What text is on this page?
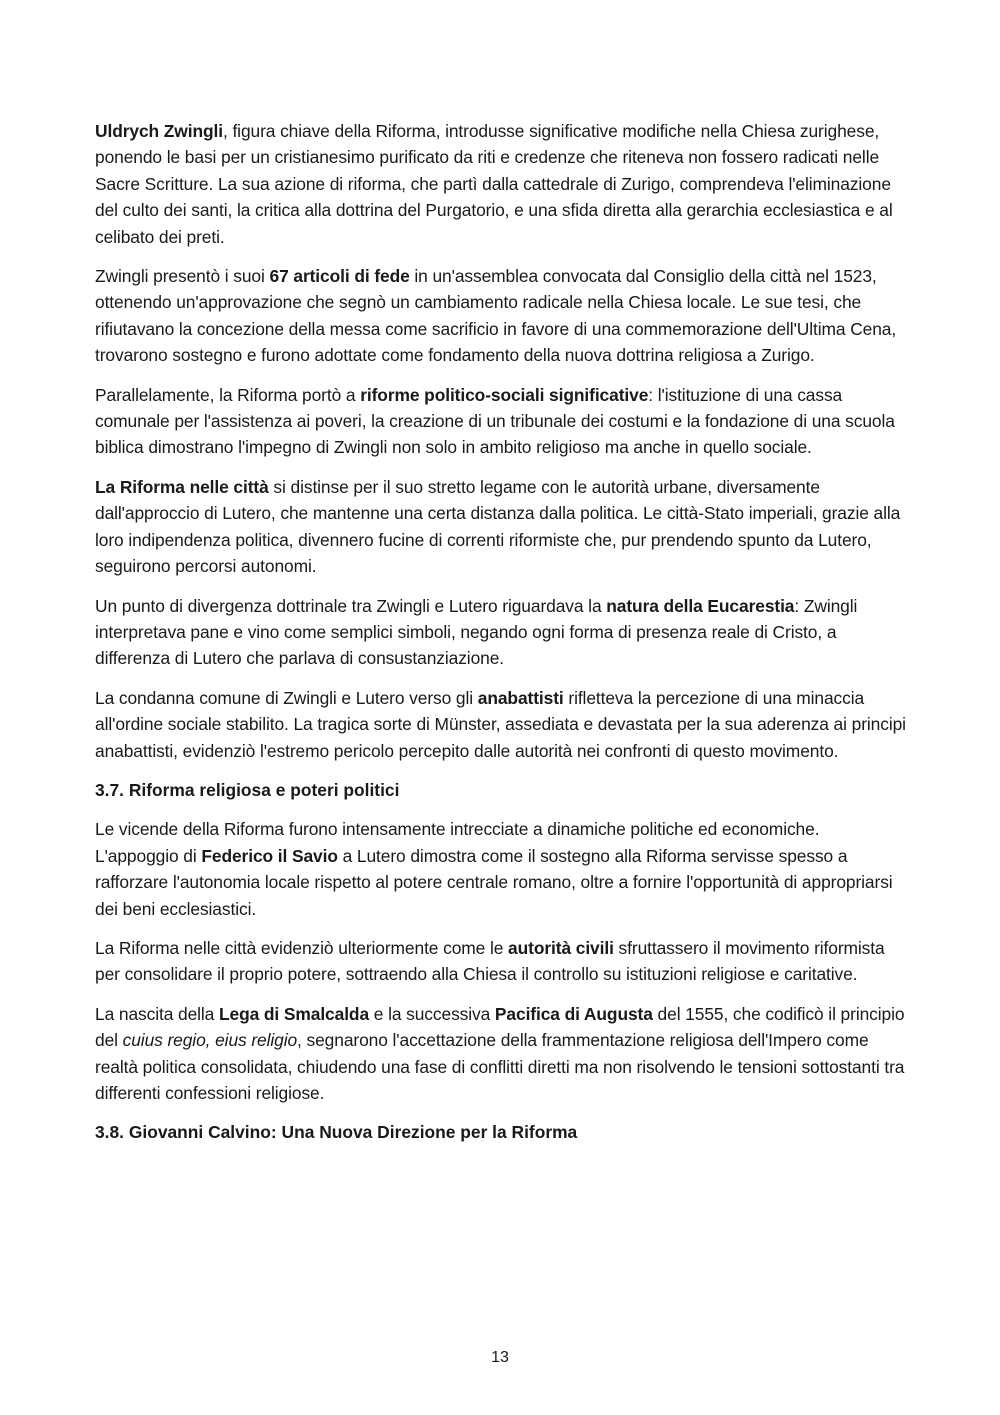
Uldrych Zwingli, figura chiave della Riforma, introdusse significative modifiche nella Chiesa zurighese, ponendo le basi per un cristianesimo purificato da riti e credenze che riteneva non fossero radicati nelle Sacre Scritture. La sua azione di riforma, che partì dalla cattedrale di Zurigo, comprendeva l'eliminazione del culto dei santi, la critica alla dottrina del Purgatorio, e una sfida diretta alla gerarchia ecclesiastica e al celibato dei preti.

Zwingli presentò i suoi 67 articoli di fede in un'assemblea convocata dal Consiglio della città nel 1523, ottenendo un'approvazione che segnò un cambiamento radicale nella Chiesa locale. Le sue tesi, che rifiutavano la concezione della messa come sacrificio in favore di una commemorazione dell'Ultima Cena, trovarono sostegno e furono adottate come fondamento della nuova dottrina religiosa a Zurigo.

Parallelamente, la Riforma portò a riforme politico-sociali significative: l'istituzione di una cassa comunale per l'assistenza ai poveri, la creazione di un tribunale dei costumi e la fondazione di una scuola biblica dimostrano l'impegno di Zwingli non solo in ambito religioso ma anche in quello sociale.

La Riforma nelle città si distinse per il suo stretto legame con le autorità urbane, diversamente dall'approccio di Lutero, che mantenne una certa distanza dalla politica. Le città-Stato imperiali, grazie alla loro indipendenza politica, divennero fucine di correnti riformiste che, pur prendendo spunto da Lutero, seguirono percorsi autonomi.

Un punto di divergenza dottrinale tra Zwingli e Lutero riguardava la natura della Eucarestia: Zwingli interpretava pane e vino come semplici simboli, negando ogni forma di presenza reale di Cristo, a differenza di Lutero che parlava di consustanziazione.

La condanna comune di Zwingli e Lutero verso gli anabattisti rifletteva la percezione di una minaccia all'ordine sociale stabilito. La tragica sorte di Münster, assediata e devastata per la sua aderenza ai principi anabattisti, evidenziò l'estremo pericolo percepito dalle autorità nei confronti di questo movimento.

3.7. Riforma religiosa e poteri politici

Le vicende della Riforma furono intensamente intrecciate a dinamiche politiche ed economiche. L'appoggio di Federico il Savio a Lutero dimostra come il sostegno alla Riforma servisse spesso a rafforzare l'autonomia locale rispetto al potere centrale romano, oltre a fornire l'opportunità di appropriarsi dei beni ecclesiastici.

La Riforma nelle città evidenziò ulteriormente come le autorità civili sfruttassero il movimento riformista per consolidare il proprio potere, sottraendo alla Chiesa il controllo su istituzioni religiose e caritative.

La nascita della Lega di Smalcalda e la successiva Pacifica di Augusta del 1555, che codificò il principio del cuius regio, eius religio, segnarono l'accettazione della frammentazione religiosa dell'Impero come realtà politica consolidata, chiudendo una fase di conflitti diretti ma non risolvendo le tensioni sottostanti tra differenti confessioni religiose.

3.8. Giovanni Calvino: Una Nuova Direzione per la Riforma

13
